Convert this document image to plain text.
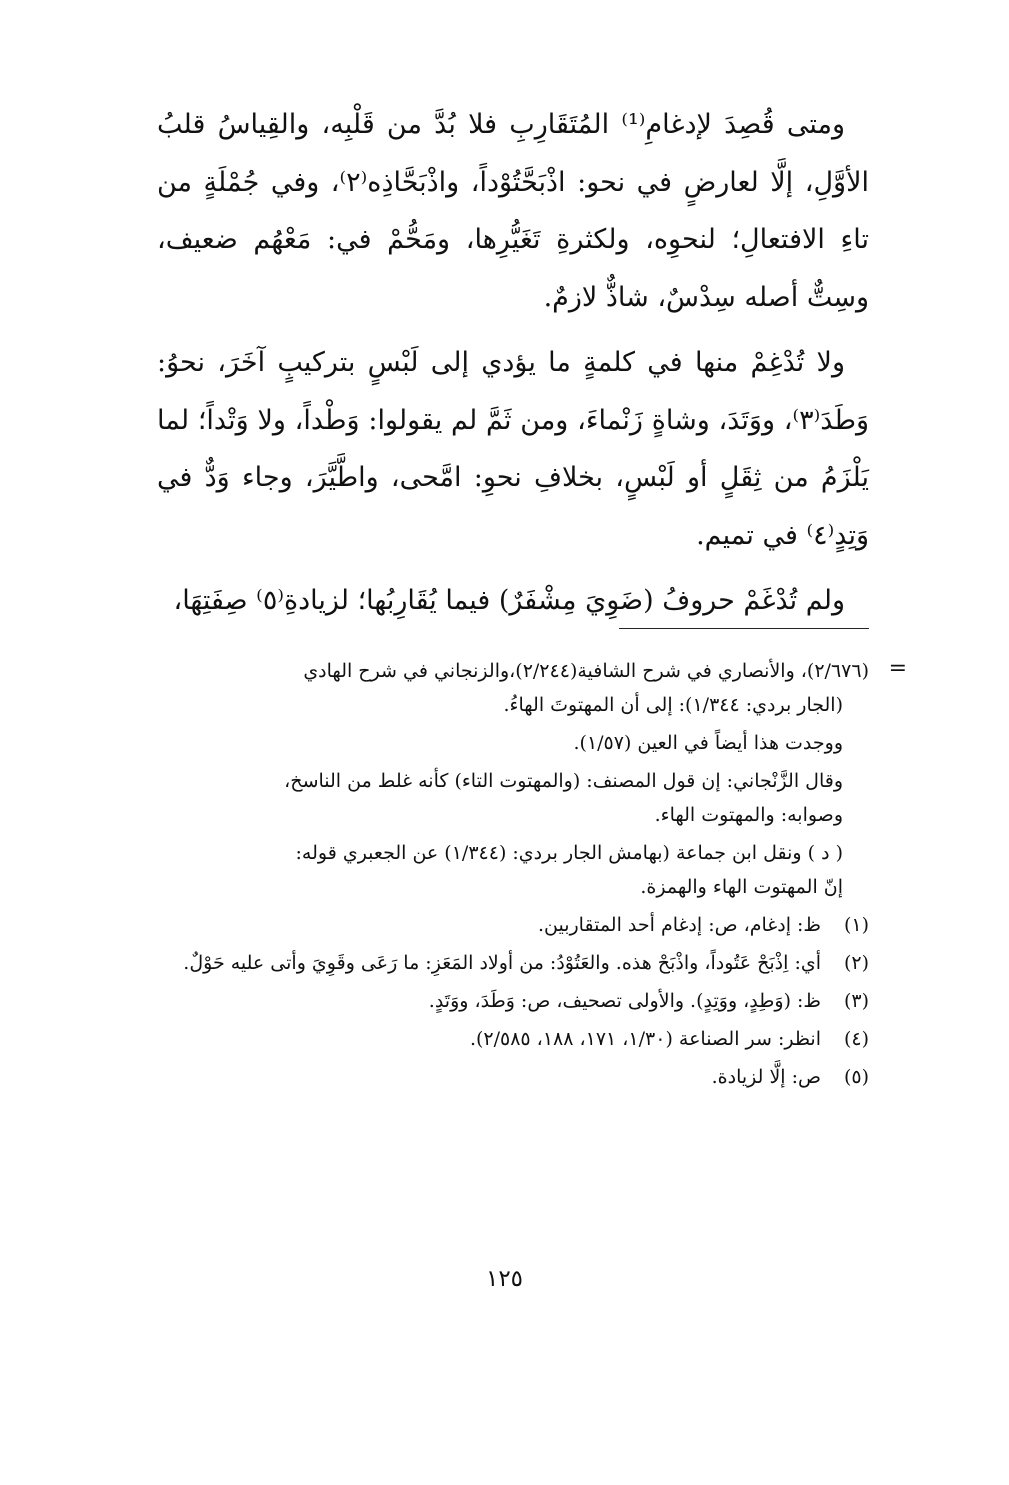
ومتى قُصِدَ لإدغامِ⁽¹⁾ المُتَقَارِبِ فلا بُدَّ من قَلْبِه، والقِياسُ قلبُ الأوَّلِ، إلَّا لعارضٍ في نحو: اذْبَحَّتُوْداً، واذْبَحَّاذِه⁽٢⁾، وفي جُمْلَةٍ من تاءِ الافتعالِ؛ لنحوِه، ولكثرةِ تَغَيُّرِها، ومَحُّمْ في: مَعْهُم ضعيف، وسِتٌّ أصله سِدْسٌ، شاذٌّ لازمٌ.

ولا تُدْغِمْ منها في كلمةٍ ما يؤدي إلى لَبْسٍ بتركيبٍ آخَرَ، نحوُ: وَطَدَ⁽٣⁾، ووَتَدَ، وشاةٍ زَنْماءَ، ومن ثَمَّ لم يقولوا: وَطْداً، ولا وَتْداً؛ لما يَلْزَمُ من ثِقَلٍ أو لَبْسٍ، بخلافِ نحوِ: امَّحى، واطَّيَّرَ، وجاء وَدٌّ في وَتِدٍ⁽٤⁾ في تميم.

ولم تُدْغَمْ حروفُ (ضَوِيَ مِشْفَرٌ) فيما يُقَارِبُها؛ لزيادةِ⁽٥⁾ صِفَتِهَا،

=
(٢/٦٧٦)، والأنصاري في شرح الشافية(٢/٢٤٤)،والزنجاني في شرح الهادي
(الجار بردي: ١/٣٤٤): إلى أن المهتوتَ الهاءُ.
ووجدت هذا أيضاً في العين (١/٥٧).
وقال الزَّنْجاني: إن قول المصنف: (والمهتوت التاء) كأنه غلط من الناسخ،
وصوابه: والمهتوت الهاء.
( د ) ونقل ابن جماعة (بهامش الجار بردي: (١/٣٤٤) عن الجعبري قوله:
إنّ المهتوت الهاء والهمزة.
(١)
ظ: إدغام، ص: إدغام أحد المتقاربين.
(٢)
أي: اِذْبَحْ عَتُوداً، واذْبَحْ هذه. والعَتُوْدُ: من أولاد المَعَزِ: ما رَعَى وقَوِيَ وأتى عليه حَوْلٌ.
(٣)
ظ: (وَطِدٍ، ووَتِدٍ). والأولى تصحيف، ص: وَطَدَ، ووَتَدٍ.
(٤)
انظر: سر الصناعة (١/٣٠، ١٧١، ١٨٨، ٢/٥٨٥).
(٥)
ص: إلَّا لزيادة.
١٢٥
